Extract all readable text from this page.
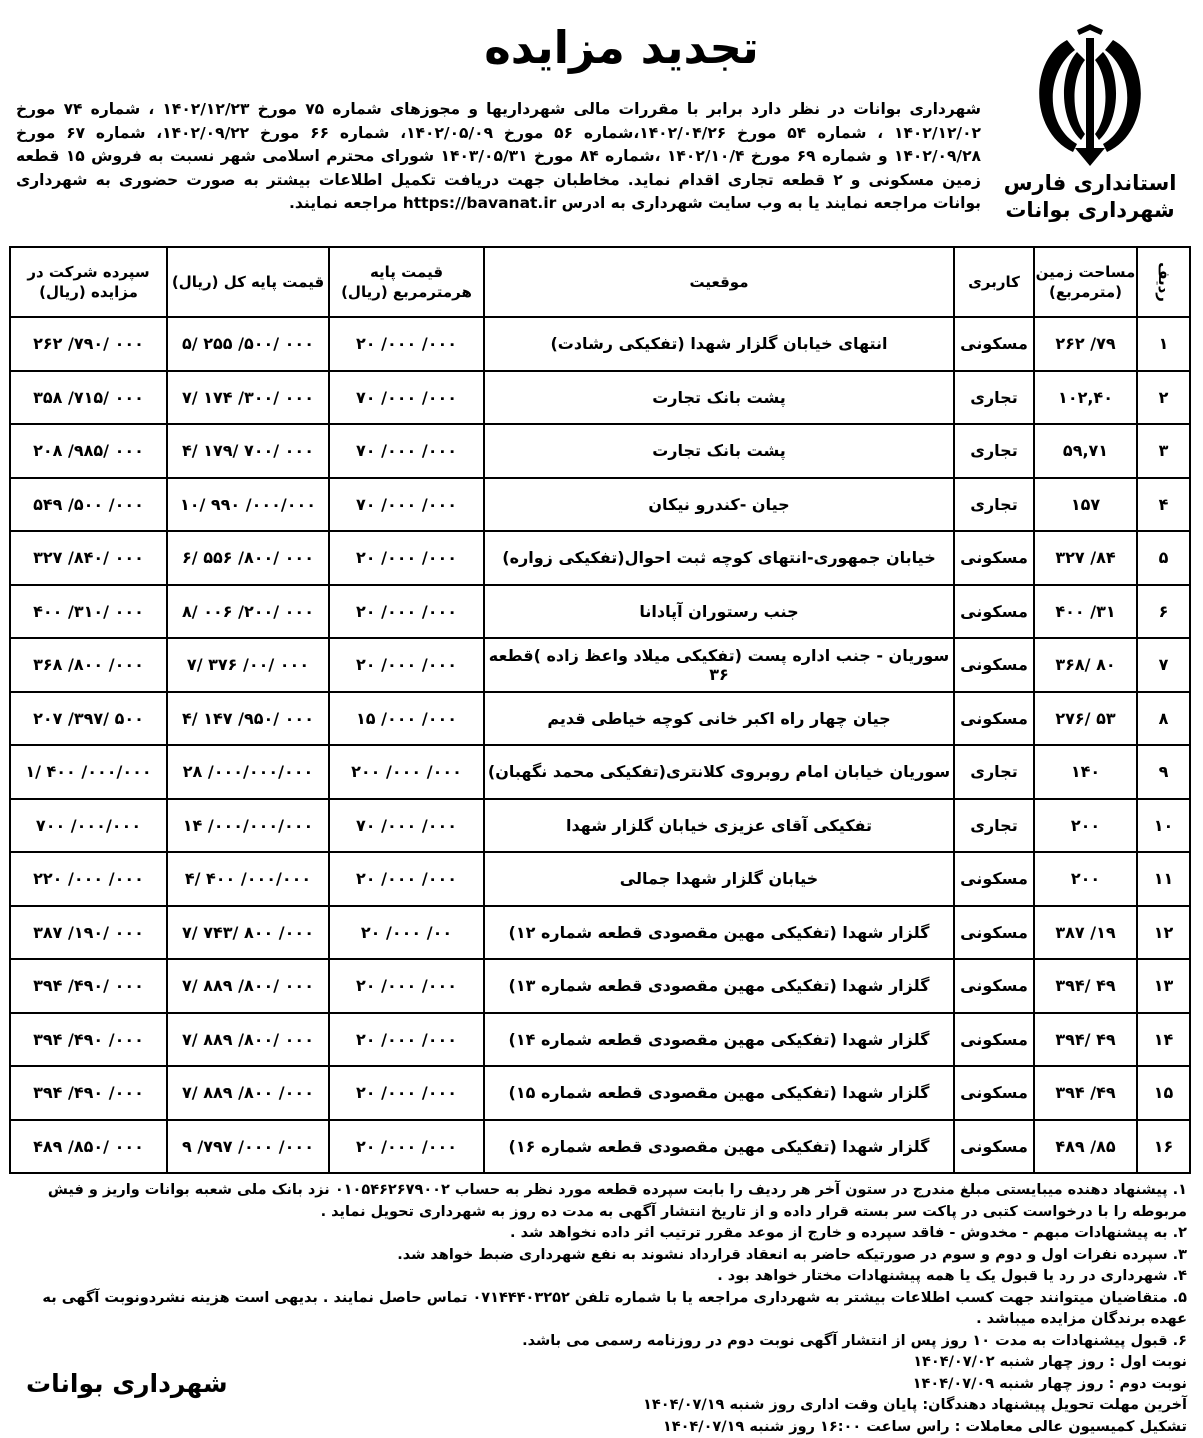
استانداری فارس
شهرداری بوانات
تجدید مزایده
شهرداری بوانات در نظر دارد برابر با مقررات مالی شهرداریها و مجوزهای شماره ۷۵ مورخ ۱۴۰۲/۱۲/۲۳ ، شماره ۷۴ مورخ ۱۴۰۲/۱۲/۰۲ ، شماره ۵۴ مورخ ۱۴۰۲/۰۴/۲۶،شماره ۵۶ مورخ ۱۴۰۲/۰۵/۰۹، شماره ۶۶ مورخ ۱۴۰۲/۰۹/۲۲، شماره ۶۷ مورخ ۱۴۰۲/۰۹/۲۸ و شماره ۶۹ مورخ ۱۴۰۲/۱۰/۴ ،شماره ۸۴ مورخ ۱۴۰۳/۰۵/۳۱ شورای محترم اسلامی شهر نسبت به فروش ۱۵ قطعه زمین مسکونی و ۲ قطعه تجاری اقدام نماید. مخاطبان جهت دریافت تکمیل اطلاعات بیشتر به صورت حضوری به شهرداری بوانات مراجعه نمایند یا به وب سایت شهرداری به ادرس https://bavanat.ir مراجعه نمایند.
ردیف	مساحت زمین (مترمربع)	کاربری	موقعیت	قیمت پایه هرمترمربع (ریال)	قیمت پایه کل (ریال)	سپرده شرکت در مزایده (ریال)
۱	۷۹/ ۲۶۲	مسکونی	انتهای خیابان گلزار شهدا (تفکیکی رشادت)	۰۰۰/ ۰۰۰/ ۲۰	۰۰۰ /۵۰۰/ ۲۵۵ /۵	۰۰۰ /۷۹۰/ ۲۶۲
۲	۱۰۲,۴۰	تجاری	پشت بانک تجارت	۰۰۰/ ۰۰۰/ ۷۰	۰۰۰ /۳۰۰/ ۱۷۴ /۷	۰۰۰ /۷۱۵/ ۳۵۸
۳	۵۹,۷۱	تجاری	پشت بانک تجارت	۰۰۰/ ۰۰۰/ ۷۰	۰۰۰ /۷۰۰ /۱۷۹ /۴	۰۰۰ /۹۸۵/ ۲۰۸
۴	۱۵۷	تجاری	جیان -کندرو نیکان	۰۰۰/ ۰۰۰/ ۷۰	۰۰۰/۰۰۰/ ۹۹۰ /۱۰	۰۰۰/ ۵۰۰/ ۵۴۹
۵	۸۴/ ۳۲۷	مسکونی	خیابان جمهوری-انتهای کوچه ثبت احوال(تفکیکی زواره)	۰۰۰/ ۰۰۰/ ۲۰	۰۰۰ /۸۰۰/ ۵۵۶ /۶	۰۰۰ /۸۴۰/ ۳۲۷
۶	۳۱/ ۴۰۰	مسکونی	جنب رستوران آپادانا	۰۰۰/ ۰۰۰/ ۲۰	۰۰۰ /۲۰۰/ ۰۰۶ /۸	۰۰۰ /۳۱۰/ ۴۰۰
۷	۸۰ /۳۶۸	مسکونی	سوریان - جنب اداره پست (تفکیکی میلاد واعظ زاده )قطعه ۳۶	۰۰۰/ ۰۰۰/ ۲۰	۰۰۰ /۰۰/ ۳۷۶ /۷	۰۰۰/ ۸۰۰/ ۳۶۸
۸	۵۳ /۲۷۶	مسکونی	جیان چهار راه اکبر خانی کوچه خیاطی قدیم	۰۰۰/ ۰۰۰/ ۱۵	۰۰۰ /۹۵۰/ ۱۴۷ /۴	۵۰۰ /۳۹۷/ ۲۰۷
۹	۱۴۰	تجاری	سوریان خیابان امام روبروی کلانتری(تفکیکی محمد نگهبان)	۰۰۰/ ۰۰۰/ ۲۰۰	۰۰۰/۰۰۰/۰۰۰/ ۲۸	۰۰۰/۰۰۰/ ۴۰۰ /۱
۱۰	۲۰۰	تجاری	تفکیکی آقای عزیزی خیابان گلزار شهدا	۰۰۰/ ۰۰۰/ ۷۰	۰۰۰/۰۰۰/۰۰۰/ ۱۴	۰۰۰/۰۰۰/ ۷۰۰
۱۱	۲۰۰	مسکونی	خیابان گلزار شهدا جمالی	۰۰۰/ ۰۰۰/ ۲۰	۰۰۰/۰۰۰/ ۴۰۰ /۴	۰۰۰/ ۰۰۰/ ۲۲۰
۱۲	۱۹/ ۳۸۷	مسکونی	گلزار شهدا (تفکیکی مهین مقصودی قطعه شماره ۱۲)	۰۰/ ۰۰۰/ ۲۰	۰۰۰/ ۸۰۰ /۷۴۳ /۷	۰۰۰ /۱۹۰/ ۳۸۷
۱۳	۴۹ /۳۹۴	مسکونی	گلزار شهدا (تفکیکی مهین مقصودی قطعه شماره ۱۳)	۰۰۰/ ۰۰۰/ ۲۰	۰۰۰ /۸۰۰/ ۸۸۹ /۷	۰۰۰ /۴۹۰/ ۳۹۴
۱۴	۴۹ /۳۹۴	مسکونی	گلزار شهدا (تفکیکی مهین مقصودی قطعه شماره ۱۴)	۰۰۰/ ۰۰۰/ ۲۰	۰۰۰ /۸۰۰/ ۸۸۹ /۷	۰۰۰/ ۴۹۰/ ۳۹۴
۱۵	۴۹/ ۳۹۴	مسکونی	گلزار شهدا (تفکیکی مهین مقصودی قطعه شماره ۱۵)	۰۰۰/ ۰۰۰/ ۲۰	۰۰۰/ ۸۰۰/ ۸۸۹ /۷	۰۰۰/ ۴۹۰/ ۳۹۴
۱۶	۸۵/ ۴۸۹	مسکونی	گلزار شهدا (تفکیکی مهین مقصودی قطعه شماره ۱۶)	۰۰۰/ ۰۰۰/ ۲۰	۰۰۰/ ۰۰۰/ ۷۹۷/ ۹	۰۰۰ /۸۵۰/ ۴۸۹
۱. پیشنهاد دهنده میبایستی مبلغ مندرج در ستون آخر هر ردیف را بابت سپرده قطعه مورد نظر به حساب ۰۱۰۵۴۶۲۶۷۹۰۰۲ نزد بانک ملی شعبه بوانات واریز و فیش مربوطه را با درخواست کتبی در پاکت سر بسته قرار داده و از تاریخ انتشار آگهی به مدت ده روز به شهرداری تحویل نماید .
۲. به پیشنهادات مبهم - مخدوش - فاقد سپرده و خارج از موعد مقرر ترتیب اثر داده نخواهد شد .
۳. سپرده نفرات اول و دوم و سوم در صورتیکه حاضر به انعقاد قرارداد نشوند به نفع شهرداری ضبط خواهد شد.
۴. شهرداری در رد یا قبول یک یا همه پیشنهادات مختار خواهد بود .
۵. متقاضیان میتوانند جهت کسب اطلاعات بیشتر به شهرداری مراجعه یا با شماره تلفن ۰۷۱۴۴۴۰۳۲۵۲ تماس حاصل نمایند . بدیهی است هزینه نشردونوبت آگهی به عهده برندگان مزایده میباشد .
۶. قبول پیشنهادات به مدت ۱۰ روز پس از انتشار آگهی نوبت دوم در روزنامه رسمی می باشد.
نوبت اول : روز چهار شنبه ۱۴۰۴/۰۷/۰۲
نوبت دوم : روز چهار شنبه ۱۴۰۴/۰۷/۰۹
آخرین مهلت تحویل پیشنهاد دهندگان: پایان وقت اداری روز شنبه ۱۴۰۴/۰۷/۱۹
تشکیل کمیسیون عالی معاملات : راس ساعت ۱۶:۰۰ روز شنبه ۱۴۰۴/۰۷/۱۹
شهرداری بوانات
